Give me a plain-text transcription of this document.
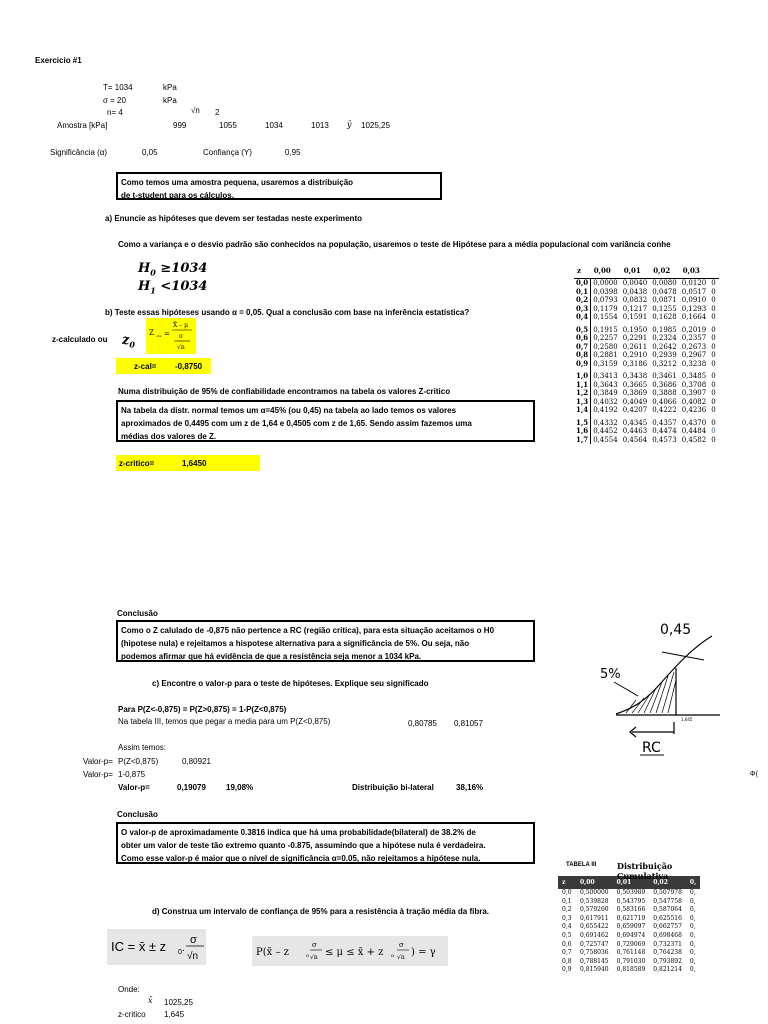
Exercicio #1
T= 1034	kPa
σ = 20	kPa
n= 4	√n 2
Amostra [kPa]	999	1055	1034	1013 ȳ 1025,25
Significância (α)	0,05	Confiança (Y)	0,95
Como temos uma amostra pequena, usaremos a distribuição
de t-student para os cálculos.
a) Enuncie as hipóteses que devem ser testadas neste experimento
Como a variança e o desvio padrão são conhecidos na população, usaremos o teste de Hipótese para a média populacional com variância conhe
$H_0 \ge 1034$
$H_1 <1034$
b) Teste essas hipóteses usando α = 0,05. Qual a conclusão com base na inferência estatística?
z-calculado ou $z_0$
Z obs =
X̄ – μ
σ
√n
z-cal= -0,8750
Numa distribuição de 95% de confiabilidade encontramos na tabela os valores Z-critico
Na tabela da distr. normal temos um α=45% (ou 0,45) na tabela ao lado temos os valores
aproximados de 0,4495 com um z de 1,64 e 0,4505 com z de 1,65. Sendo assim fazemos uma
médias dos valores de Z.
z-critico=	1,6450
z	0,00	0,01	0,02	0,03	
0,0	0,0000	0,0040	0,0080	0,0120	0
0,1	0,0398	0,0438	0,0478	0,0517	0
0,2	0,0793	0,0832	0,0871	0,0910	0
0,3	0,1179	0,1217	0,1255	0,1293	0
0,4	0,1554	0,1591	0,1628	0,1664	0
0,5	0,1915	0,1950	0,1985	0,2019	0
0,6	0,2257	0,2291	0,2324	0,2357	0
0,7	0,2580	0,2611	0,2642	0,2673	0
0,8	0,2881	0,2910	0,2939	0,2967	0
0,9	0,3159	0,3186	0,3212	0,3238	0
1,0	0,3413	0,3438	0,3461	0,3485	0
1,1	0,3643	0,3665	0,3686	0,3708	0
1,2	0,3849	0,3869	0,3888	0,3907	0
1,3	0,4032	0,4049	0,4066	0,4082	0
1,4	0,4192	0,4207	0,4222	0,4236	0
1,5	0,4332	0,4345	0,4357	0,4370	0
1,6	0,4452	0,4463	0,4474	0,4484	0
1,7	0,4554	0,4564	0,4573	0,4582	0
Conclusão
Como o Z calulado de -0,875 não pertence a RC (região critica), para esta situação aceitamos o H0
(hipotese nula) e rejeitamos a hispotese alternativa para a significância de 5%. Ou seja, não
podemos afirmar que há evidência de que a resistência seja menor a 1034 kPa.
0,45
5%
1,645
RC
Φ(
c) Encontre o valor-p para o teste de hipóteses. Explique seu significado
Para P(Z<-0,875) = P(Z>0,875) = 1-P(Z<0,875)
Na tabela III, temos que pegar a media para um P(Z<0,875)	0,80785 0,81057
Assim temos:
Valor-p= P(Z<0,875)	0,80921
Valor-p= 1-0,875
Valor-p=	0,19079	19,08%	Distribuição bi-lateral	38,16%
Conclusão
O valor-p de aproximadamente 0.3816 indica que há uma probabilidade(bilateral) de 38.2% de
obter um valor de teste tão extremo quanto -0.875, assumindo que a hipótese nula é verdadeira.
Como esse valor-p é maior que o nível de significância α=0.05, não rejeitamos a hipótese nula.
TABELA III	Distribuição Cumulativa
z	0,00	0,01	0,02	0,
0,0	0,500000	0,503989	0,507978	0,
0,1	0,539828	0,543795	0,547758	0,
0,2	0,579260	0,583166	0,587064	0,
0,3	0,617911	0,621719	0,625516	0,
0,4	0,655422	0,659097	0,662757	0,
0,5	0,691462	0,694974	0,698468	0,
0,6	0,725747	0,729069	0,732371	0,
0,7	0,758036	0,761148	0,764238	0,
0,8	0,788145	0,791030	0,793892	0,
0,9	0,815940	0,818589	0,821214	0,
d) Construa um intervalo de confiança de 95% para a resistência à tração média da fibra.
IC = x̄ ± z 0 .
σ
√n	P(x̄ – z	o
σ
√n ≤ μ ≤ x̄ + z o
σ
√n ) = γ
Onde:
x̄ 1025,25
z-critico 1,645
